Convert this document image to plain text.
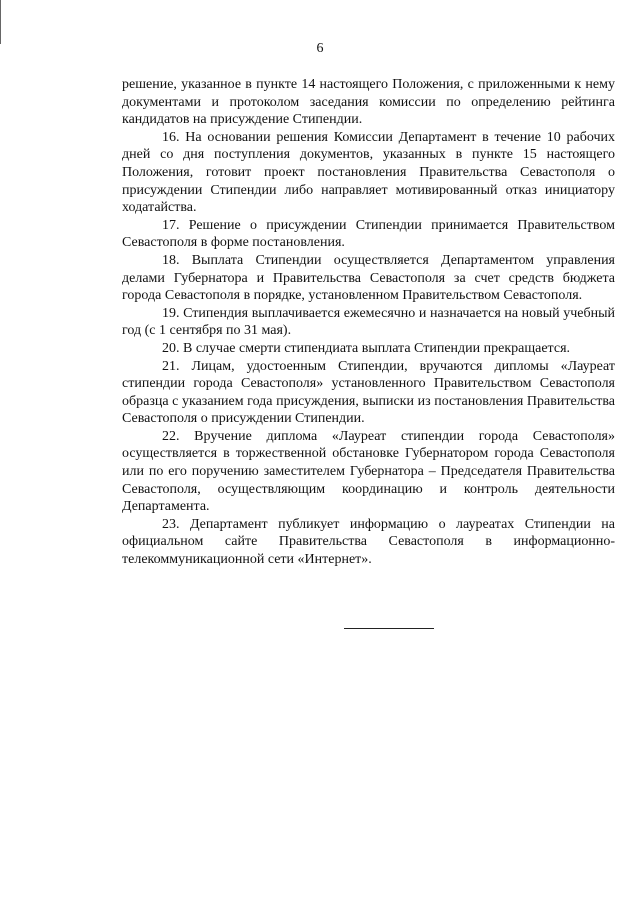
6

решение, указанное в пункте 14 настоящего Положения, с приложенными к нему документами и протоколом заседания комиссии по определению рейтинга кандидатов на присуждение Стипендии.

16. На основании решения Комиссии Департамент в течение 10 рабочих дней со дня поступления документов, указанных в пункте 15 настоящего Положения, готовит проект постановления Правительства Севастополя о присуждении Стипендии либо направляет мотивированный отказ инициатору ходатайства.

17. Решение о присуждении Стипендии принимается Правительством Севастополя в форме постановления.

18. Выплата Стипендии осуществляется Департаментом управления делами Губернатора и Правительства Севастополя за счет средств бюджета города Севастополя в порядке, установленном Правительством Севастополя.

19. Стипендия выплачивается ежемесячно и назначается на новый учебный год (с 1 сентября по 31 мая).

20. В случае смерти стипендиата выплата Стипендии прекращается.

21. Лицам, удостоенным Стипендии, вручаются дипломы «Лауреат стипендии города Севастополя» установленного Правительством Севастополя образца с указанием года присуждения, выписки из постановления Правительства Севастополя о присуждении Стипендии.

22. Вручение диплома «Лауреат стипендии города Севастополя» осуществляется в торжественной обстановке Губернатором города Севастополя или по его поручению заместителем Губернатора – Председателя Правительства Севастополя, осуществляющим координацию и контроль деятельности Департамента.

23. Департамент публикует информацию о лауреатах Стипендии на официальном сайте Правительства Севастополя в информационно-телекоммуникационной сети «Интернет».
